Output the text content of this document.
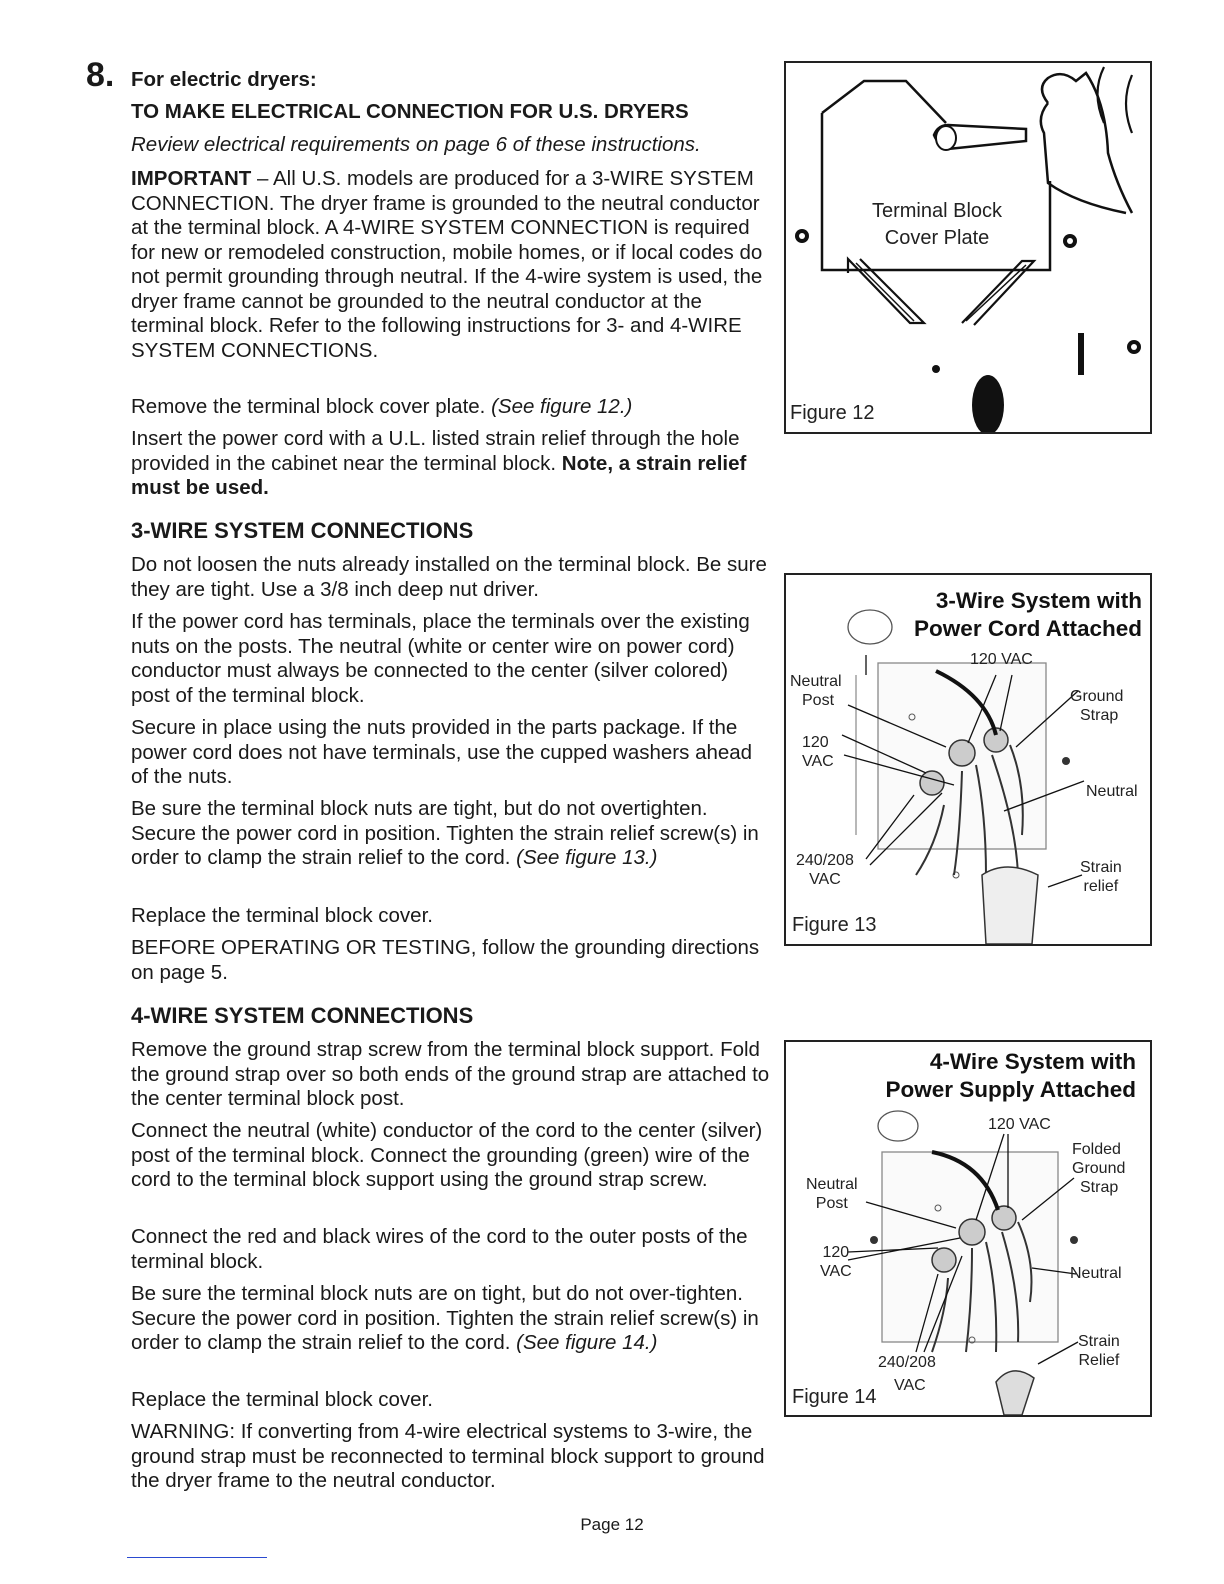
8. For electric dryers:
TO MAKE ELECTRICAL CONNECTION FOR U.S. DRYERS

Review electrical requirements on page 6 of these instructions.

IMPORTANT – All U.S. models are produced for a 3-WIRE SYSTEM CONNECTION. The dryer frame is grounded to the neutral conductor at the terminal block. A 4-WIRE SYSTEM CONNECTION is required for new or remodeled construction, mobile homes, or if local codes do not permit grounding through neutral. If the 4-wire system is used, the dryer frame cannot be grounded to the neutral conductor at the terminal block. Refer to the following instructions for 3- and 4-WIRE SYSTEM CONNECTIONS.

Remove the terminal block cover plate. (See figure 12.)

Insert the power cord with a U.L. listed strain relief through the hole provided in the cabinet near the terminal block. Note, a strain relief must be used.

3-WIRE SYSTEM CONNECTIONS

Do not loosen the nuts already installed on the terminal block. Be sure they are tight. Use a 3/8 inch deep nut driver.

If the power cord has terminals, place the terminals over the existing nuts on the posts. The neutral (white or center wire on power cord) conductor must always be connected to the center (silver colored) post of the terminal block.

Secure in place using the nuts provided in the parts package. If the power cord does not have terminals, use the cupped washers ahead of the nuts.

Be sure the terminal block nuts are tight, but do not overtighten. Secure the power cord in position. Tighten the strain relief screw(s) in order to clamp the strain relief to the cord. (See figure 13.)

Replace the terminal block cover.

BEFORE OPERATING OR TESTING, follow the grounding directions on page 5.

4-WIRE SYSTEM CONNECTIONS

Remove the ground strap screw from the terminal block support. Fold the ground strap over so both ends of the ground strap are attached to the center terminal block post.

Connect the neutral (white) conductor of the cord to the center (silver) post of the terminal block. Connect the grounding (green) wire of the cord to the terminal block support using the ground strap screw.

Connect the red and black wires of the cord to the outer posts of the terminal block.

Be sure the terminal block nuts are on tight, but do not over-tighten. Secure the power cord in position. Tighten the strain relief screw(s) in order to clamp the strain relief to the cord. (See figure 14.)

Replace the terminal block cover.

WARNING: If converting from 4-wire electrical systems to 3-wire, the ground strap must be reconnected to terminal block support to ground the dryer frame to the neutral conductor.

Terminal Block
Cover Plate
Figure 12
3-Wire System with
Power Cord Attached
120 VAC
Neutral
Post
120
VAC
240/208
VAC
Ground
Strap
Neutral
Strain
relief
Figure 13
4-Wire System with
Power Supply Attached
120 VAC
Folded
Ground
Strap
Neutral
Post
120
VAC	Neutral
Strain
Relief
240/208
VAC
Figure 14
Page 12
